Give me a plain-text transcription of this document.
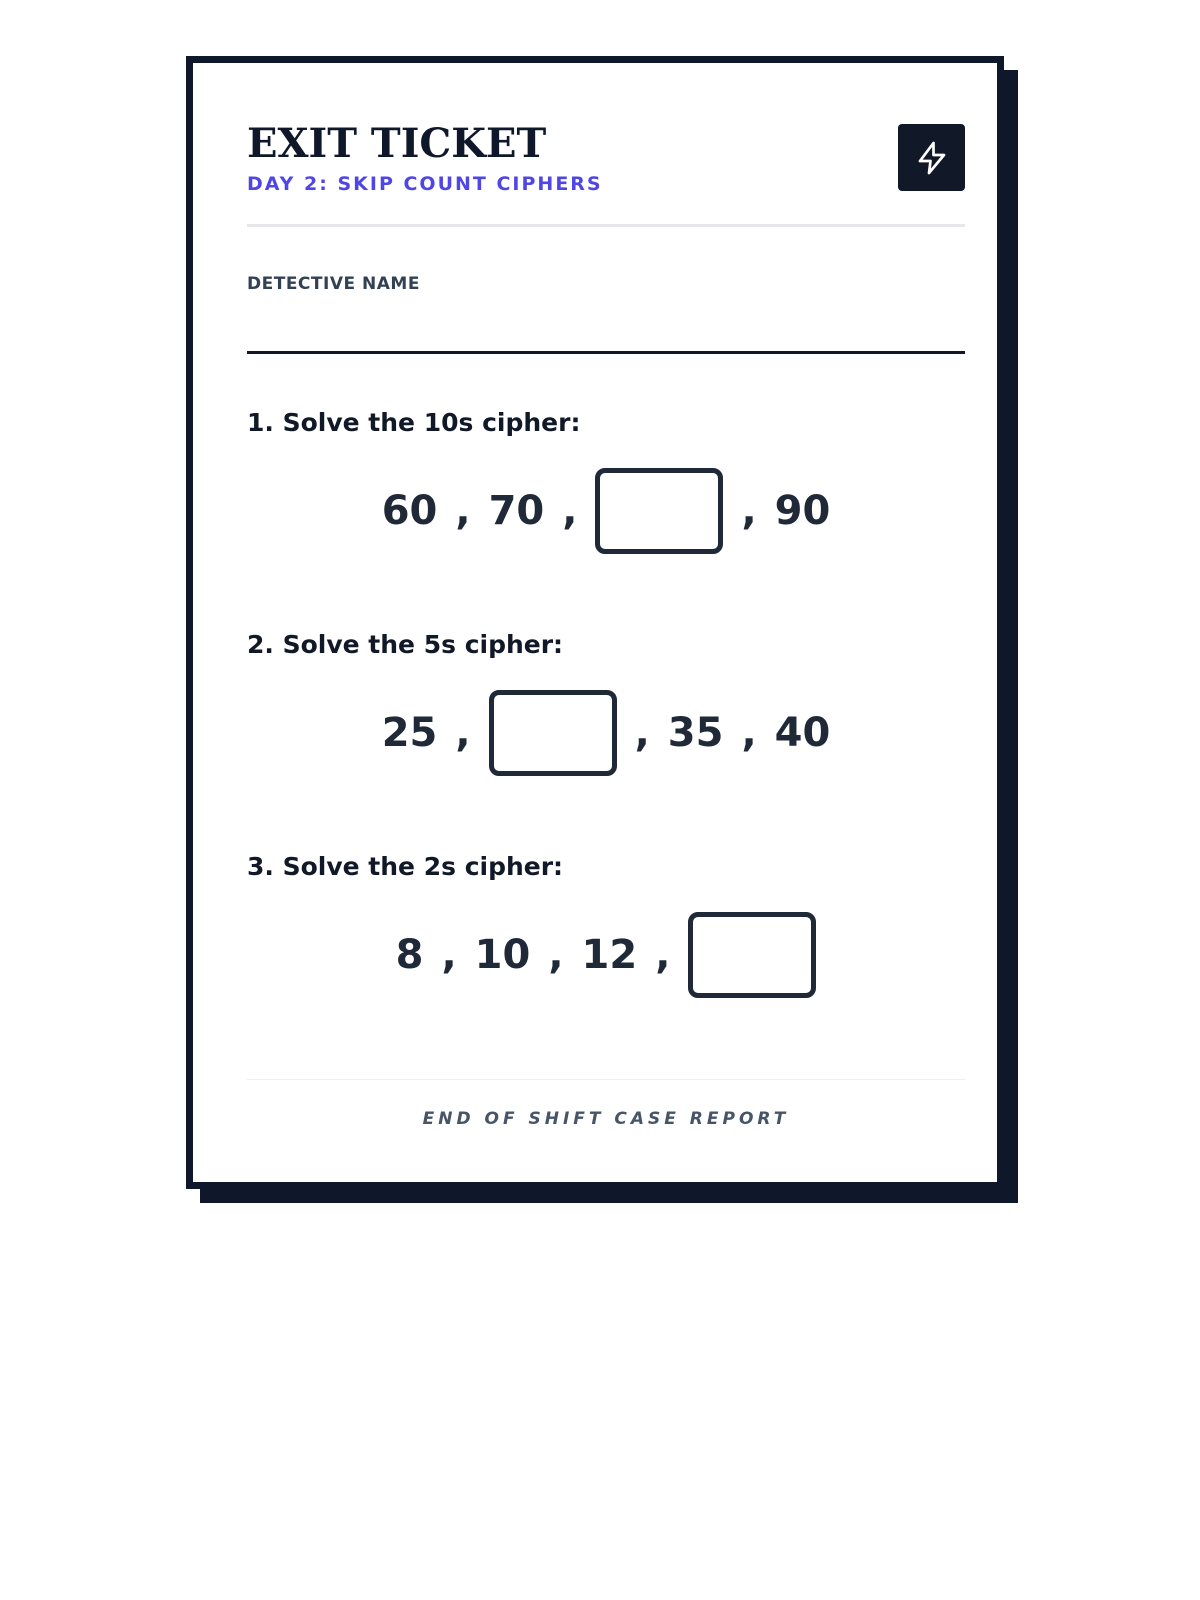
EXIT TICKET
DAY 2: SKIP COUNT CIPHERS
DETECTIVE NAME
1. Solve the 10s cipher:
60 , 70 ,	, 90
2. Solve the 5s cipher:
25 ,	, 35 , 40
3. Solve the 2s cipher:
8 , 10 , 12 ,
END OF SHIFT CASE REPORT
